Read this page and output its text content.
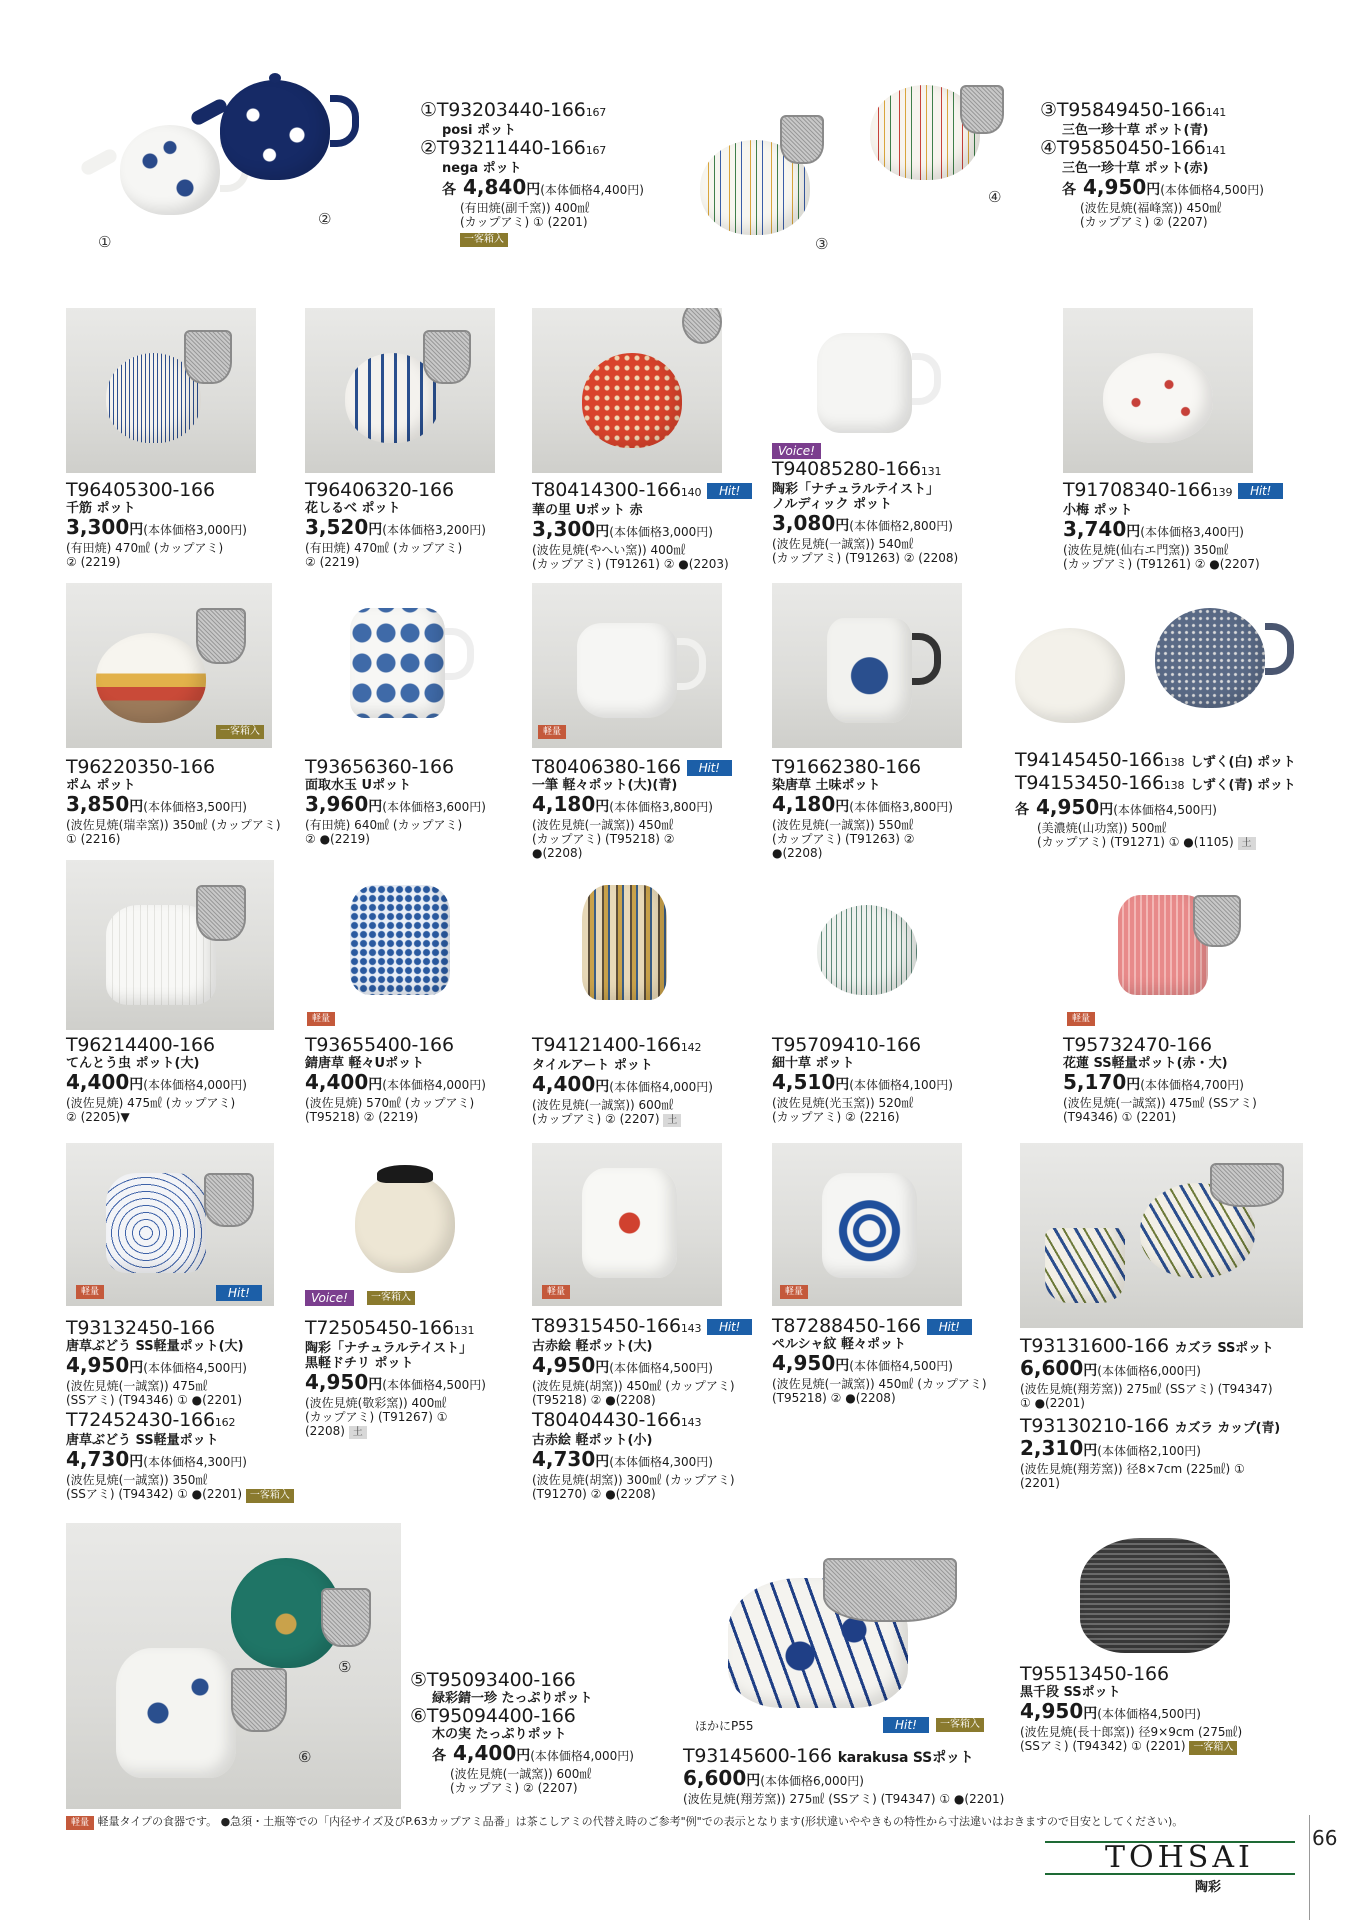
①
②
①T93203440-166167
posi ポット
②T93211440-166167
nega ポット
各 4,840円(本体価格4,400円)
(有田焼(副千窯)) 400㎖
(カップアミ) ① (2201)
一客箱入	③
④
③T95849450-166141
三色一珍十草 ポット(青)
④T95850450-166141
三色一珍十草 ポット(赤)
各 4,950円(本体価格4,500円)
(波佐見焼(福峰窯)) 450㎖
(カップアミ) ② (2207)
T96405300-166
千筋 ポット
3,300円(本体価格3,000円)
(有田焼) 470㎖ (カップアミ)
② (2219)
T96406320-166
花しるべ ポット
3,520円(本体価格3,200円)
(有田焼) 470㎖ (カップアミ)
② (2219)
T80414300-166140 Hit!
華の里 Uポット 赤
3,300円(本体価格3,000円)
(波佐見焼(やへい窯)) 400㎖
(カップアミ) (T91261) ② ●(2203)
Voice!
T94085280-166131
陶彩「ナチュラルテイスト」
ノルディック ポット
3,080円(本体価格2,800円)
(波佐見焼(一誠窯)) 540㎖
(カップアミ) (T91263) ② (2208)
T91708340-166139 Hit!
小梅 ポット
3,740円(本体価格3,400円)
(波佐見焼(仙右エ門窯)) 350㎖
(カップアミ) (T91261) ② ●(2207)
一客箱入	軽量
T96220350-166
ポム ポット
3,850円(本体価格3,500円)
(波佐見焼(瑞幸窯)) 350㎖ (カップアミ)
① (2216)
T93656360-166
面取水玉 Uポット
3,960円(本体価格3,600円)
(有田焼) 640㎖ (カップアミ)
② ●(2219)
T80406380-166 Hit!
一筆 軽々ポット(大)(青)
4,180円(本体価格3,800円)
(波佐見焼(一誠窯)) 450㎖
(カップアミ) (T95218) ②
●(2208)
T91662380-166
染唐草 土味ポット
4,180円(本体価格3,800円)
(波佐見焼(一誠窯)) 550㎖
(カップアミ) (T91263) ②
●(2208)
T94145450-166138 しずく(白) ポット
T94153450-166138 しずく(青) ポット
各 4,950円(本体価格4,500円)
(美濃焼(山功窯)) 500㎖
(カップアミ) (T91271) ① ●(1105) 土
軽量	軽量
T96214400-166
てんとう虫 ポット(大)
4,400円(本体価格4,000円)
(波佐見焼) 475㎖ (カップアミ)
② (2205)▼
T93655400-166
錆唐草 軽々Uポット
4,400円(本体価格4,000円)
(波佐見焼) 570㎖ (カップアミ)
(T95218) ② (2219)
T94121400-166142
タイルアート ポット
4,400円(本体価格4,000円)
(波佐見焼(一誠窯)) 600㎖
(カップアミ) ② (2207) 土
T95709410-166
細十草 ポット
4,510円(本体価格4,100円)
(波佐見焼(光玉窯)) 520㎖
(カップアミ) ② (2216)
T95732470-166
花蓮 SS軽量ポット(赤・大)
5,170円(本体価格4,700円)
(波佐見焼(一誠窯)) 475㎖ (SSアミ)
(T94346) ① (2201)
軽量	Hit!	Voice!	一客箱入	軽量	軽量
T93132450-166
唐草ぶどう SS軽量ポット(大)
4,950円(本体価格4,500円)
(波佐見焼(一誠窯)) 475㎖
(SSアミ) (T94346) ① ●(2201)
T72452430-166162
唐草ぶどう SS軽量ポット
4,730円(本体価格4,300円)
(波佐見焼(一誠窯)) 350㎖
(SSアミ) (T94342) ① ●(2201) 一客箱入
T72505450-166131
陶彩「ナチュラルテイスト」
黒軽ドチリ ポット
4,950円(本体価格4,500円)
(波佐見焼(敬彩窯)) 400㎖
(カップアミ) (T91267) ①
(2208) 土
T89315450-166143 Hit!
古赤絵 軽ポット(大)
4,950円(本体価格4,500円)
(波佐見焼(胡窯)) 450㎖ (カップアミ)
(T95218) ② ●(2208)
T80404430-166143
古赤絵 軽ポット(小)
4,730円(本体価格4,300円)
(波佐見焼(胡窯)) 300㎖ (カップアミ)
(T91270) ② ●(2208)
T87288450-166 Hit!
ペルシャ紋 軽々ポット
4,950円(本体価格4,500円)
(波佐見焼(一誠窯)) 450㎖ (カップアミ)
(T95218) ② ●(2208)
T93131600-166 カズラ SSポット
6,600円(本体価格6,000円)
(波佐見焼(翔芳窯)) 275㎖ (SSアミ) (T94347)
① ●(2201)
T93130210-166 カズラ カップ(青)
2,310円(本体価格2,100円)
(波佐見焼(翔芳窯)) 径8×7cm (225㎖) ①
(2201)
⑤
⑥
⑤T95093400-166
緑彩錆一珍 たっぷりポット
⑥T95094400-166
木の実 たっぷりポット
各 4,400円(本体価格4,000円)
(波佐見焼(一誠窯)) 600㎖
(カップアミ) ② (2207)
ほかにP55	Hit!	一客箱入
T93145600-166 karakusa SSポット
6,600円(本体価格6,000円)
(波佐見焼(翔芳窯)) 275㎖ (SSアミ) (T94347) ① ●(2201)
T95513450-166
黒千段 SSポット
4,950円(本体価格4,500円)
(波佐見焼(長十郎窯)) 径9×9cm (275㎖)
(SSアミ) (T94342) ① (2201) 一客箱入
軽量 軽量タイプの食器です。 ●急須・土瓶等での「内径サイズ及びP.63カップアミ品番」は茶こしアミの代替え時のご参考"例"での表示となります(形状違いややきもの特性から寸法違いはおきますので目安としてください)。
TOHSAI
陶彩
66
